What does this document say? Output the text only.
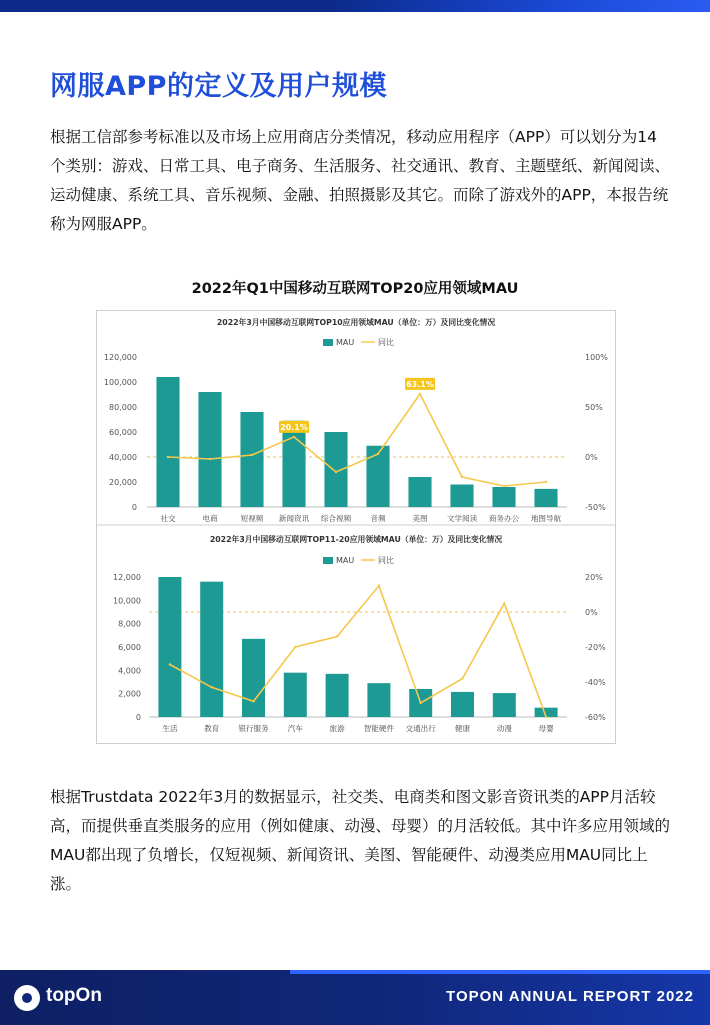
网服APP的定义及用户规模

根据工信部参考标准以及市场上应用商店分类情况，移动应用程序（APP）可以划分为14个类别：游戏、日常工具、电子商务、生活服务、社交通讯、教育、主题壁纸、新闻阅读、运动健康、系统工具、音乐视频、金融、拍照摄影及其它。而除了游戏外的APP，本报告统称为网服APP。

2022年Q1中国移动互联网TOP20应用领域MAU
2022年3月中国移动互联网TOP10应用领域MAU（单位：万）及同比变化情况
MAU	同比
0
20,000
40,000
60,000
80,000
100,000
120,000
-50%
0%
50%
100%
社交	电商	短视频 新闻资讯 综合视频	音频	美图	文学阅读 商务办公 地图导航
20.1%
63.1%
2022年3月中国移动互联网TOP11-20应用领域MAU（单位：万）及同比变化情况
MAU	同比
0
2,000
4,000
6,000
8,000
10,000
12,000
-60%
-40%
-20%
0%
20%
生活	教育	银行服务	汽车	旅游	智能硬件 交通出行	健康	动漫	母婴

根据Trustdata 2022年3月的数据显示，社交类、电商类和图文影音资讯类的APP月活较高，而提供垂直类服务的应用（例如健康、动漫、母婴）的月活较低。其中许多应用领域的MAU都出现了负增长，仅短视频、新闻资讯、美图、智能硬件、动漫类应用MAU同比上涨。

topOn	TOPON ANNUAL REPORT 2022
